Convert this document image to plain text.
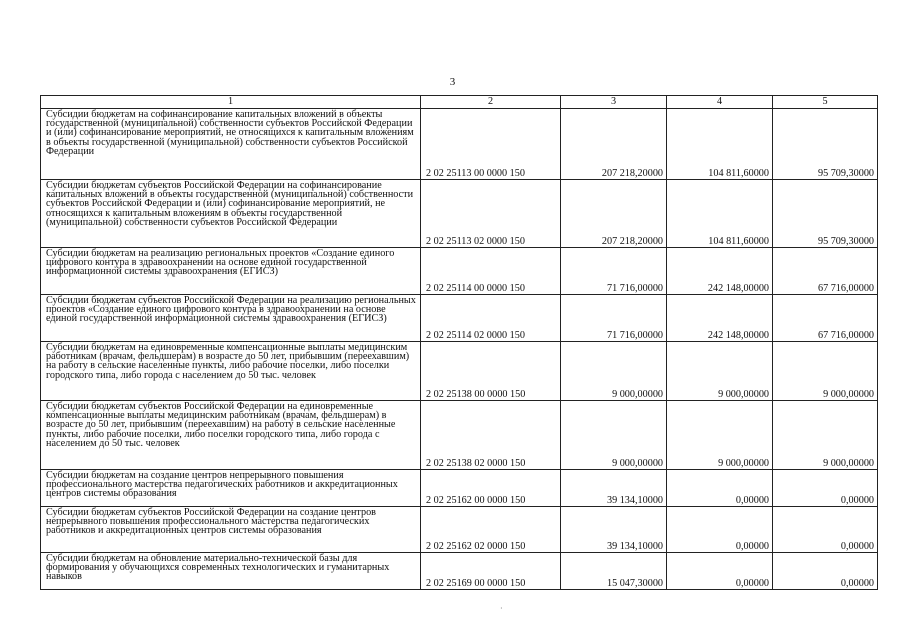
3
1	2	3	4	5
Субсидии бюджетам на софинансирование капитальных вложений в объекты государственной (муниципальной) собственности субъектов Российской Федерации и (или) софинансирование мероприятий, не относящихся к капитальным вложениям в объекты государственной (муниципальной) собственности субъектов Российской Федерации	2 02 25113 00 0000 150	207 218,20000	104 811,60000	95 709,30000
Субсидии бюджетам субъектов Российской Федерации на софинансирование капитальных вложений в объекты государственной (муниципальной) собственности субъектов Российской Федерации и (или) софинансирование мероприятий, не относящихся к капитальным вложениям в объекты государственной (муниципальной) собственности субъектов Российской Федерации	2 02 25113 02 0000 150	207 218,20000	104 811,60000	95 709,30000
Субсидии бюджетам на реализацию региональных проектов «Создание единого цифрового контура в здравоохранении на основе единой государственной информационной системы здравоохранения (ЕГИСЗ)	2 02 25114 00 0000 150	71 716,00000	242 148,00000	67 716,00000
Субсидии бюджетам субъектов Российской Федерации на реализацию региональных проектов «Создание единого цифрового контура в здравоохранении на основе единой государственной информационной системы здравоохранения (ЕГИСЗ)	2 02 25114 02 0000 150	71 716,00000	242 148,00000	67 716,00000
Субсидии бюджетам на единовременные компенсационные выплаты медицинским работникам (врачам, фельдшерам) в возрасте до 50 лет, прибывшим (переехавшим) на работу в сельские населенные пункты, либо рабочие поселки, либо поселки городского типа, либо города с населением до 50 тыс. человек	2 02 25138 00 0000 150	9 000,00000	9 000,00000	9 000,00000
Субсидии бюджетам субъектов Российской Федерации на единовременные компенсационные выплаты медицинским работникам (врачам, фельдшерам) в возрасте до 50 лет, прибывшим (переехавшим) на работу в сельские населенные пункты, либо рабочие поселки, либо поселки городского типа, либо города с населением до 50 тыс. человек	2 02 25138 02 0000 150	9 000,00000	9 000,00000	9 000,00000
Субсидии бюджетам на создание центров непрерывного повышения профессионального мастерства педагогических работников и аккредитационных центров системы образования	2 02 25162 00 0000 150	39 134,10000	0,00000	0,00000
Субсидии бюджетам субъектов Российской Федерации на создание центров непрерывного повышения профессионального мастерства педагогических работников и аккредитационных центров системы образования	2 02 25162 02 0000 150	39 134,10000	0,00000	0,00000
Субсидии бюджетам на обновление материально-технической базы для формирования у обучающихся современных технологических и гуманитарных навыков	2 02 25169 00 0000 150	15 047,30000	0,00000	0,00000
·
